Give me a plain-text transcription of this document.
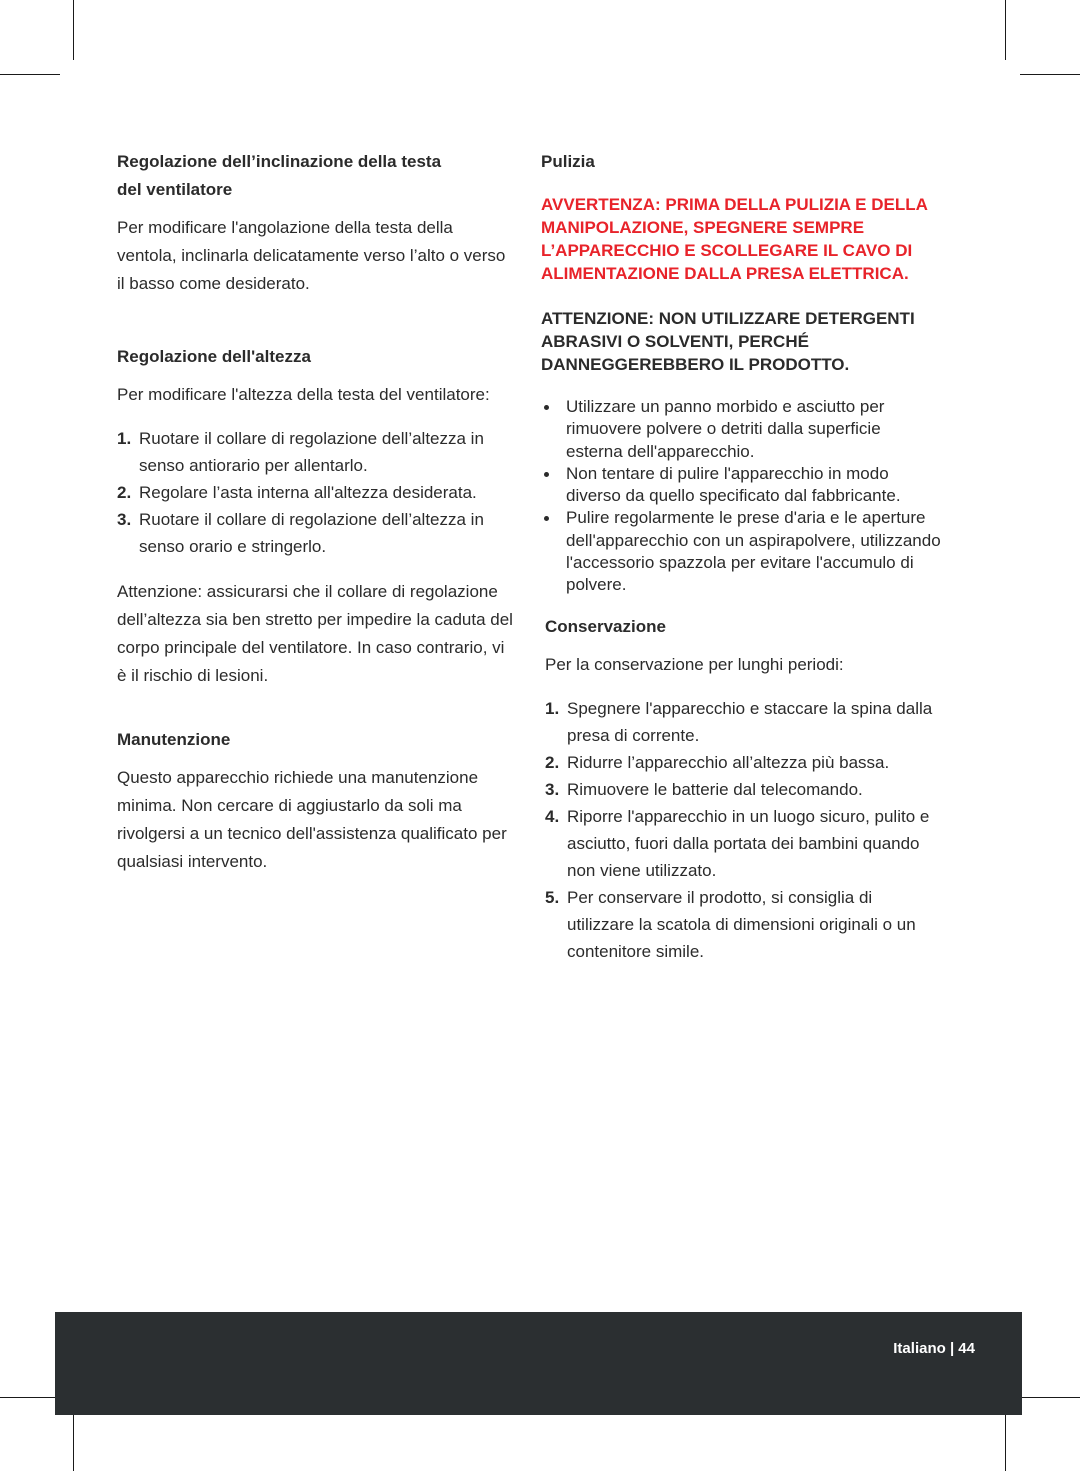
Regolazione dell’inclinazione della testa
del ventilatore

Per modificare l'angolazione della testa della ventola, inclinarla delicatamente verso l’alto o verso il basso come desiderato.

Regolazione dell'altezza

Per modificare l'altezza della testa del ventilatore:

1. Ruotare il collare di regolazione dell’altezza in senso antiorario per allentarlo.
2. Regolare l’asta interna all'altezza desiderata.
3. Ruotare il collare di regolazione dell’altezza in senso orario e stringerlo.

Attenzione: assicurarsi che il collare di regolazione dell’altezza sia ben stretto per impedire la caduta del corpo principale del ventilatore. In caso contrario, vi è il rischio di lesioni.

Manutenzione

Questo apparecchio richiede una manutenzione minima. Non cercare di aggiustarlo da soli ma rivolgersi a un tecnico dell'assistenza qualificato per qualsiasi intervento.

Pulizia

AVVERTENZA: PRIMA DELLA PULIZIA E DELLA MANIPOLAZIONE, SPEGNERE SEMPRE L’APPARECCHIO E SCOLLEGARE IL CAVO DI ALIMENTAZIONE DALLA PRESA ELETTRICA.

ATTENZIONE: NON UTILIZZARE DETERGENTI ABRASIVI O SOLVENTI, PERCHÉ DANNEGGEREBBERO IL PRODOTTO.

Utilizzare un panno morbido e asciutto per rimuovere polvere o detriti dalla superficie esterna dell'apparecchio.
Non tentare di pulire l'apparecchio in modo diverso da quello specificato dal fabbricante.
Pulire regolarmente le prese d'aria e le aperture dell'apparecchio con un aspirapolvere, utilizzando l'accessorio spazzola per evitare l'accumulo di polvere.
Conservazione

Per la conservazione per lunghi periodi:

1. Spegnere l'apparecchio e staccare la spina dalla presa di corrente.
2. Ridurre l’apparecchio all’altezza più bassa.
3. Rimuovere le batterie dal telecomando.
4. Riporre l'apparecchio in un luogo sicuro, pulito e asciutto, fuori dalla portata dei bambini quando non viene utilizzato.
5. Per conservare il prodotto, si consiglia di utilizzare la scatola di dimensioni originali o un contenitore simile.
Italiano | 44
